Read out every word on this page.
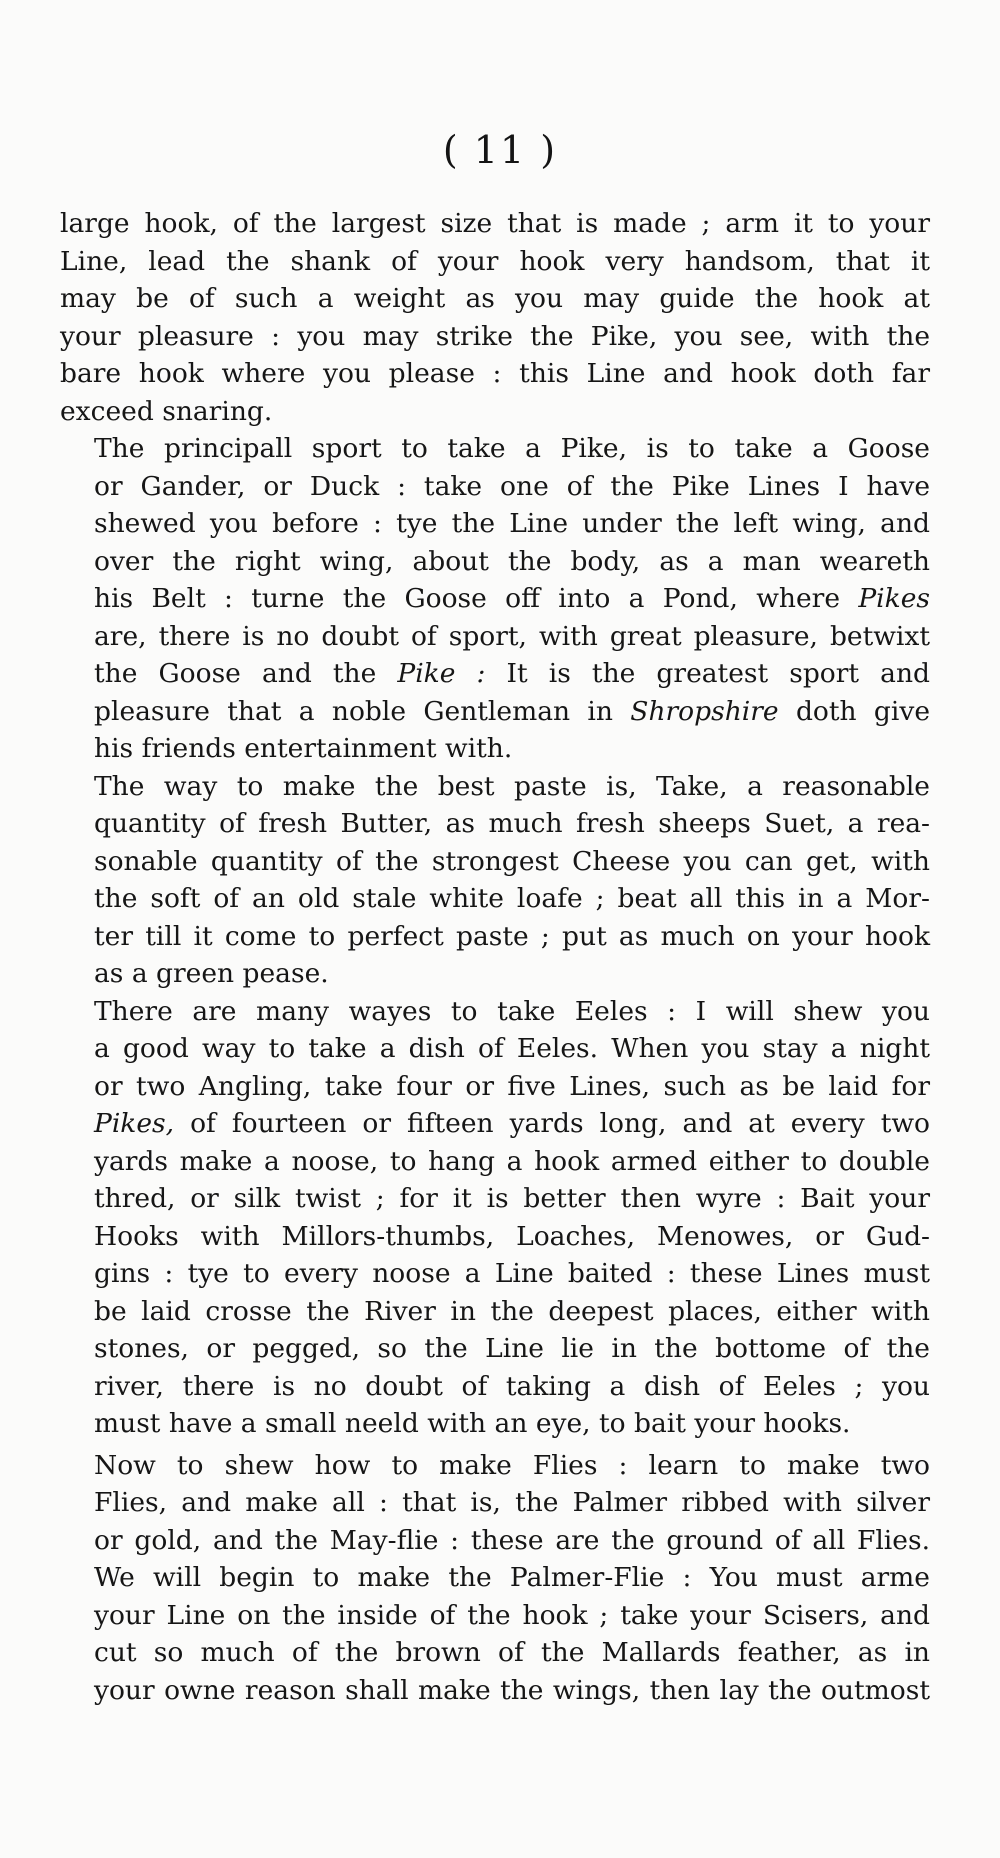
( 11 )

large hook, of the largest size that is made ; arm it to your
Line, lead the shank of your hook very handsom, that it
may be of such a weight as you may guide the hook at
your pleasure : you may strike the Pike, you see, with the
bare hook where you please : this Line and hook doth far
exceed snaring.

The principall sport to take a Pike, is to take a Goose
or Gander, or Duck : take one of the Pike Lines I have
shewed you before : tye the Line under the left wing, and
over the right wing, about the body, as a man weareth
his Belt : turne the Goose off into a Pond, where Pikes
are, there is no doubt of sport, with great pleasure, betwixt
the Goose and the Pike : It is the greatest sport and
pleasure that a noble Gentleman in Shropshire doth give
his friends entertainment with.

The way to make the best paste is, Take, a reasonable
quantity of fresh Butter, as much fresh sheeps Suet, a rea-
sonable quantity of the strongest Cheese you can get, with
the soft of an old stale white loafe ; beat all this in a Mor-
ter till it come to perfect paste ; put as much on your hook
as a green pease.

There are many wayes to take Eeles : I will shew you
a good way to take a dish of Eeles. When you stay a night
or two Angling, take four or five Lines, such as be laid for
Pikes, of fourteen or fifteen yards long, and at every two
yards make a noose, to hang a hook armed either to double
thred, or silk twist ; for it is better then wyre : Bait your
Hooks with Millors-thumbs, Loaches, Menowes, or Gud-
gins : tye to every noose a Line baited : these Lines must
be laid crosse the River in the deepest places, either with
stones, or pegged, so the Line lie in the bottome of the
river, there is no doubt of taking a dish of Eeles ; you
must have a small neeld with an eye, to bait your hooks.

Now to shew how to make Flies : learn to make two
Flies, and make all : that is, the Palmer ribbed with silver
or gold, and the May-flie : these are the ground of all Flies.

We will begin to make the Palmer-Flie : You must arme
your Line on the inside of the hook ; take your Scisers, and
cut so much of the brown of the Mallards feather, as in
your owne reason shall make the wings, then lay the outmost
